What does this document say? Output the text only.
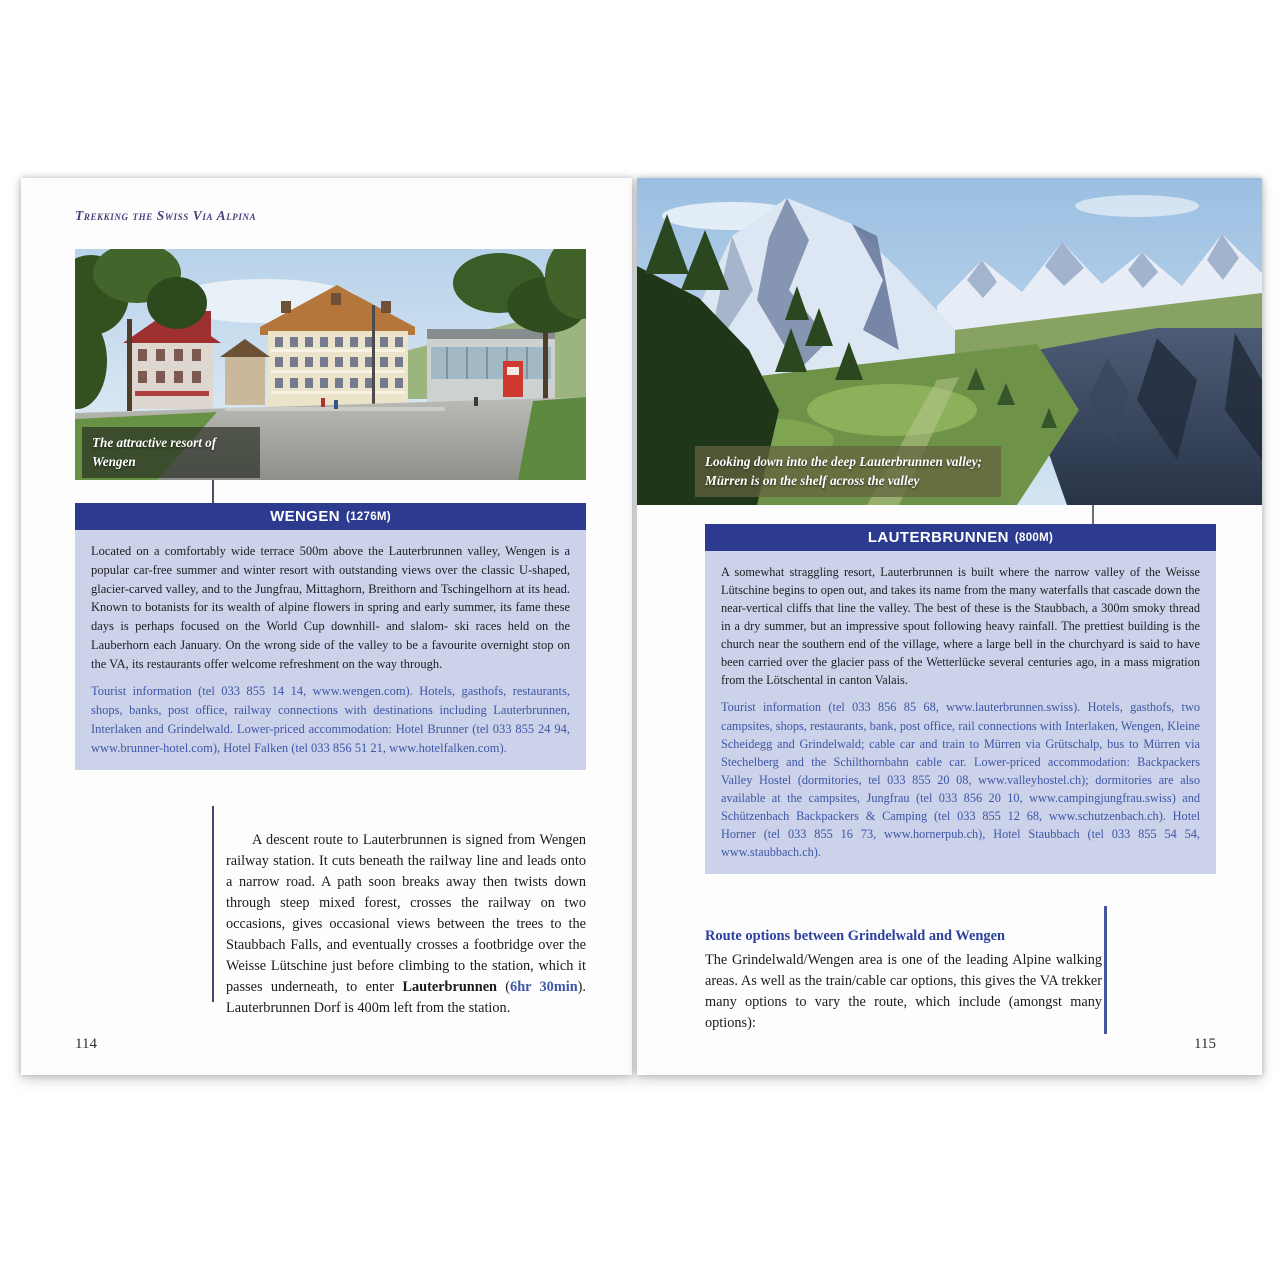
Trekking the Swiss Via Alpina
The attractive resort of Wengen
WENGEN (1276M)

Located on a comfortably wide terrace 500m above the Lauterbrunnen valley, Wengen is a popular car-free summer and winter resort with outstanding views over the classic U-shaped, glacier-carved valley, and to the Jungfrau, Mittaghorn, Breithorn and Tschingelhorn at its head. Known to botanists for its wealth of alpine flowers in spring and early summer, its fame these days is perhaps focused on the World Cup downhill- and slalom- ski races held on the Lauberhorn each January. On the wrong side of the valley to be a favourite overnight stop on the VA, its restaurants offer welcome refreshment on the way through.

Tourist information (tel 033 855 14 14, www.wengen.com). Hotels, gasthofs, restaurants, shops, banks, post office, railway connections with destinations including Lauterbrunnen, Interlaken and Grindelwald. Lower-priced accommodation: Hotel Brunner (tel 033 855 24 94, www.brunner-hotel.com), Hotel Falken (tel 033 856 51 21, www.hotelfalken.com).

A descent route to Lauterbrunnen is signed from Wengen railway station. It cuts beneath the railway line and leads onto a narrow road. A path soon breaks away then twists down through steep mixed forest, crosses the railway on two occasions, gives occasional views between the trees to the Staubbach Falls, and eventually crosses a footbridge over the Weisse Lütschine just before climbing to the station, which it passes underneath, to enter Lauterbrunnen (6hr 30min). Lauterbrunnen Dorf is 400m left from the station.
114
Looking down into the deep Lauterbrunnen valley; Mürren is on the shelf across the valley
LAUTERBRUNNEN (800M)

A somewhat straggling resort, Lauterbrunnen is built where the narrow valley of the Weisse Lütschine begins to open out, and takes its name from the many waterfalls that cascade down the near-vertical cliffs that line the valley. The best of these is the Staubbach, a 300m smoky thread in a dry summer, but an impressive spout following heavy rainfall. The prettiest building is the church near the southern end of the village, where a large bell in the churchyard is said to have been carried over the glacier pass of the Wetterlücke several centuries ago, in a mass migration from the Lötschental in canton Valais.

Tourist information (tel 033 856 85 68, www.lauterbrunnen.swiss). Hotels, gasthofs, two campsites, shops, restaurants, bank, post office, rail connections with Interlaken, Wengen, Kleine Scheidegg and Grindelwald; cable car and train to Mürren via Grütschalp, bus to Mürren via Stechelberg and the Schilthornbahn cable car. Lower-priced accommodation: Backpackers Valley Hostel (dormitories, tel 033 855 20 08, www.valleyhostel.ch); dormitories are also available at the campsites, Jungfrau (tel 033 856 20 10, www.campingjungfrau.swiss) and Schützenbach Backpackers & Camping (tel 033 855 12 68, www.schutzenbach.ch). Hotel Horner (tel 033 855 16 73, www.hornerpub.ch), Hotel Staubbach (tel 033 855 54 54, www.staubbach.ch).

Route options between Grindelwald and Wengen
The Grindelwald/Wengen area is one of the leading Alpine walking areas. As well as the train/cable car options, this gives the VA trekker many options to vary the route, which include (amongst many options):
115
